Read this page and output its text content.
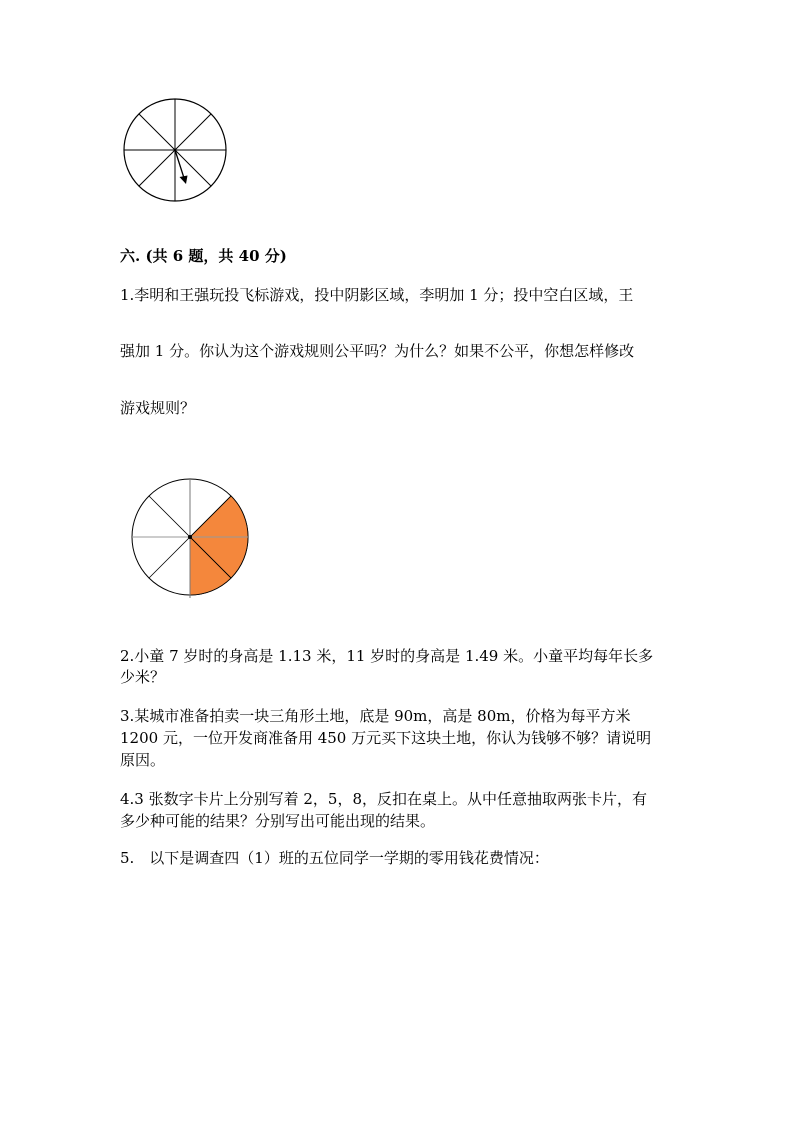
六. (共 6 题，共 40 分)
1.李明和王强玩投飞标游戏，投中阴影区域，李明加 1 分；投中空白区域，王
强加 1 分。你认为这个游戏规则公平吗？为什么？如果不公平，你想怎样修改
游戏规则？
2.小童 7 岁时的身高是 1.13 米，11 岁时的身高是 1.49 米。小童平均每年长多
少米？
3.某城市准备拍卖一块三角形土地，底是 90m，高是 80m，价格为每平方米
1200 元，一位开发商准备用 450 万元买下这块土地，你认为钱够不够？请说明
原因。
4.3 张数字卡片上分别写着 2，5，8，反扣在桌上。从中任意抽取两张卡片，有
多少种可能的结果？分别写出可能出现的结果。
5.　以下是调查四（1）班的五位同学一学期的零用钱花费情况：
